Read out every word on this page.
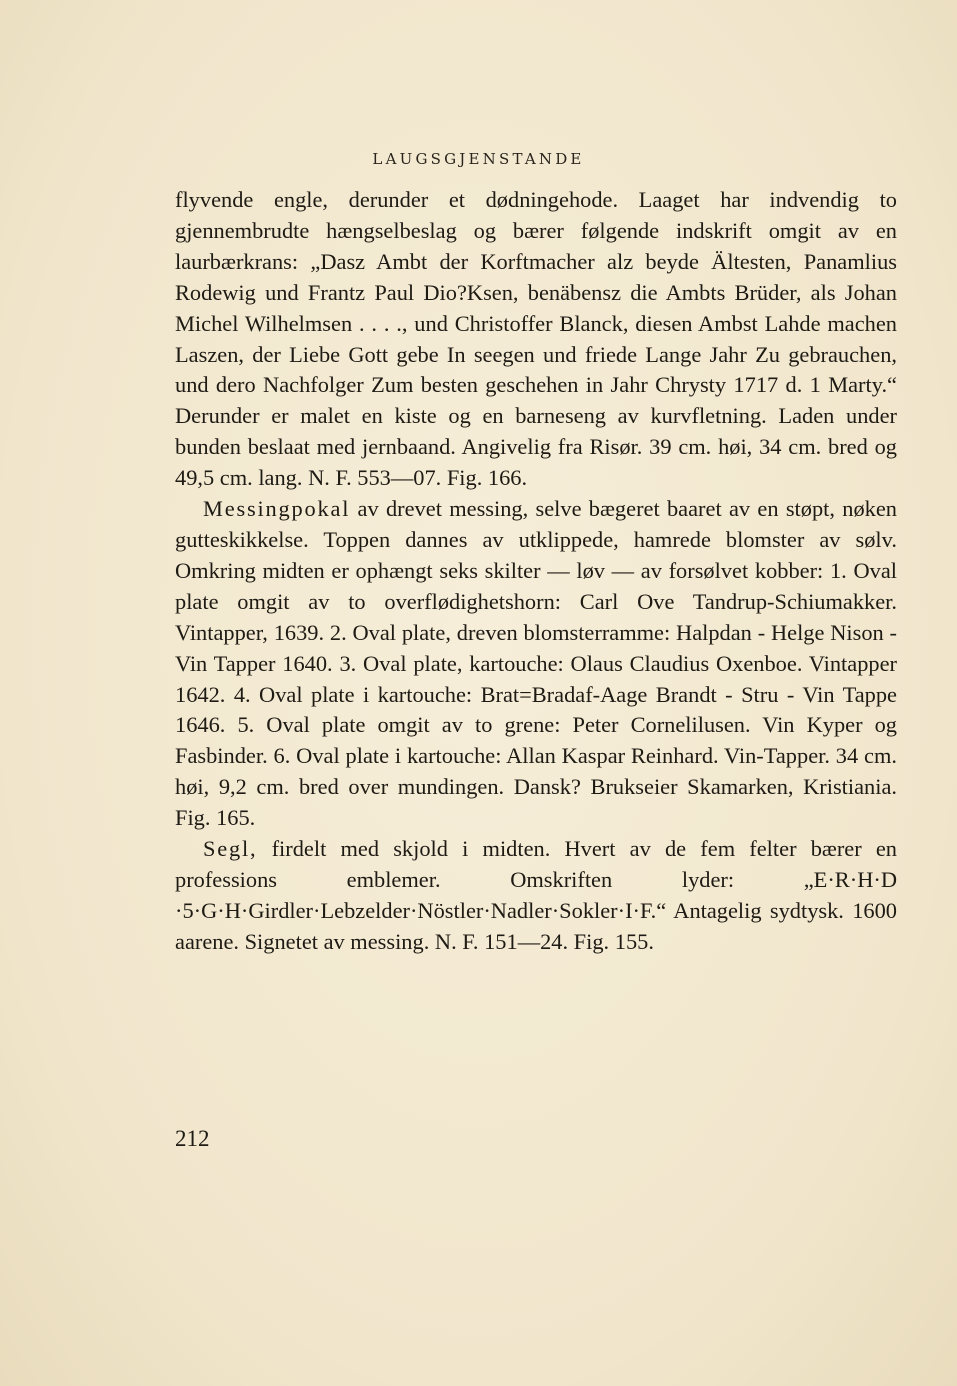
LAUGSGJENSTANDE

flyvende engle, derunder et dødningehode. Laaget har indvendig to gjennembrudte hængselbeslag og bærer følgende indskrift omgit av en laurbærkrans: „Dasz Ambt der Korftmacher alz beyde Ältesten, Panamlius Rodewig und Frantz Paul Dio?Ksen, benäbensz die Ambts Brüder, als Johan Michel Wilhelmsen . . . ., und Christoffer Blanck, diesen Ambst Lahde machen Laszen, der Liebe Gott gebe In seegen und friede Lange Jahr Zu gebrauchen, und dero Nachfolger Zum besten geschehen in Jahr Chrysty 1717 d. 1 Marty.“ Derunder er malet en kiste og en barneseng av kurvfletning. Laden under bunden beslaat med jernbaand. Angivelig fra Risør. 39 cm. høi, 34 cm. bred og 49,5 cm. lang. N. F. 553—07. Fig. 166.

Messingpokal av drevet messing, selve bægeret baaret av en støpt, nøken gutteskikkelse. Toppen dannes av utklippede, hamrede blomster av sølv. Omkring midten er ophængt seks skilter — løv — av forsølvet kobber: 1. Oval plate omgit av to overflødighetshorn: Carl Ove Tandrup-Schiumakker. Vintapper, 1639. 2. Oval plate, dreven blomsterramme: Halpdan - Helge Nison - Vin Tapper 1640. 3. Oval plate, kartouche: Olaus Claudius Oxenboe. Vintapper 1642. 4. Oval plate i kartouche: Brat=Bradaf-Aage Brandt - Stru - Vin Tappe 1646. 5. Oval plate omgit av to grene: Peter Cornelilusen. Vin Kyper og Fasbinder. 6. Oval plate i kartouche: Allan Kaspar Reinhard. Vin-Tapper. 34 cm. høi, 9,2 cm. bred over mundingen. Dansk? Brukseier Skamarken, Kristiania. Fig. 165.

Segl, firdelt med skjold i midten. Hvert av de fem felter bærer en professions emblemer. Omskriften lyder: „E·R·H·D ·5·G·H·Girdler·Lebzelder·Nöstler·Nadler·Sokler·I·F.“ Antagelig sydtysk. 1600 aarene. Signetet av messing. N. F. 151—24. Fig. 155.

212
